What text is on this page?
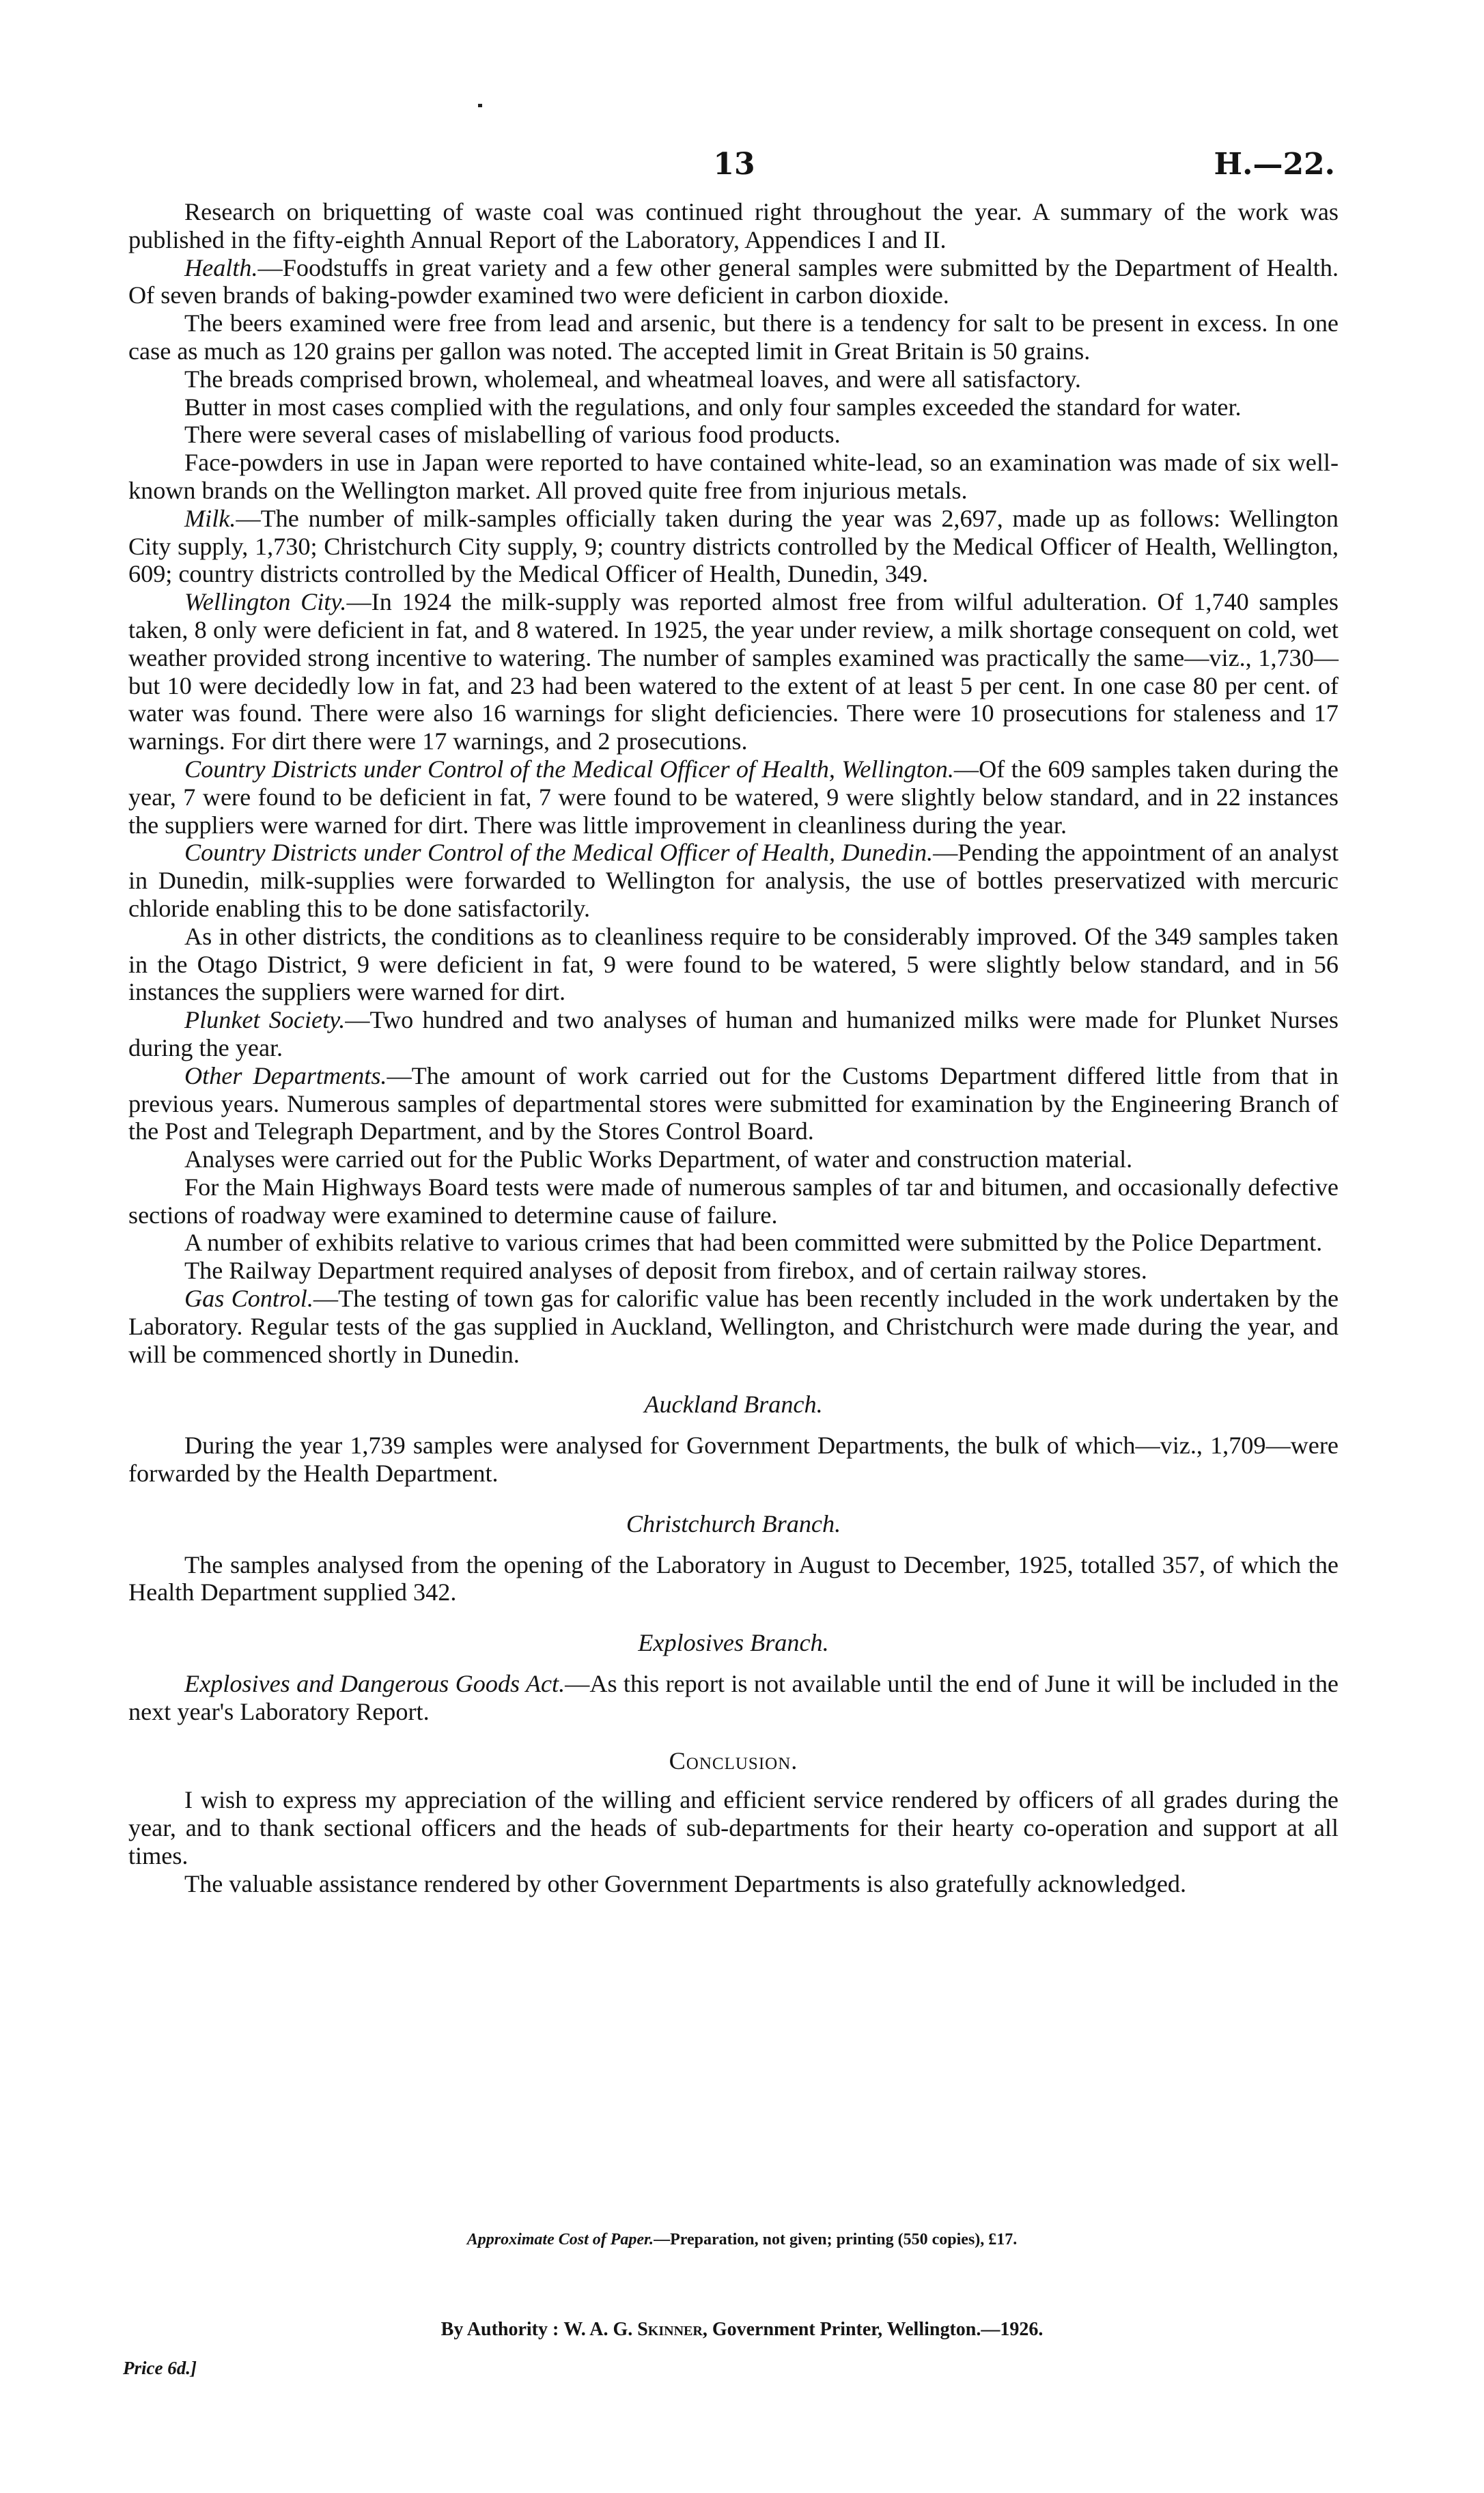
13	H.—22.

Research on briquetting of waste coal was continued right throughout the year. A summary of the work was published in the fifty-eighth Annual Report of the Laboratory, Appendices I and II.

Health.—Foodstuffs in great variety and a few other general samples were submitted by the Department of Health. Of seven brands of baking-powder examined two were deficient in carbon dioxide.

The beers examined were free from lead and arsenic, but there is a tendency for salt to be present in excess. In one case as much as 120 grains per gallon was noted. The accepted limit in Great Britain is 50 grains.

The breads comprised brown, wholemeal, and wheatmeal loaves, and were all satisfactory.

Butter in most cases complied with the regulations, and only four samples exceeded the standard for water.

There were several cases of mislabelling of various food products.

Face-powders in use in Japan were reported to have contained white-lead, so an examination was made of six well-known brands on the Wellington market. All proved quite free from injurious metals.

Milk.—The number of milk-samples officially taken during the year was 2,697, made up as follows: Wellington City supply, 1,730; Christchurch City supply, 9; country districts controlled by the Medical Officer of Health, Wellington, 609; country districts controlled by the Medical Officer of Health, Dunedin, 349.

Wellington City.—In 1924 the milk-supply was reported almost free from wilful adulteration. Of 1,740 samples taken, 8 only were deficient in fat, and 8 watered. In 1925, the year under review, a milk shortage consequent on cold, wet weather provided strong incentive to watering. The number of samples examined was practically the same—viz., 1,730—but 10 were decidedly low in fat, and 23 had been watered to the extent of at least 5 per cent. In one case 80 per cent. of water was found. There were also 16 warnings for slight deficiencies. There were 10 prosecutions for staleness and 17 warnings. For dirt there were 17 warnings, and 2 prosecutions.

Country Districts under Control of the Medical Officer of Health, Wellington.—Of the 609 samples taken during the year, 7 were found to be deficient in fat, 7 were found to be watered, 9 were slightly below standard, and in 22 instances the suppliers were warned for dirt. There was little improvement in cleanliness during the year.

Country Districts under Control of the Medical Officer of Health, Dunedin.—Pending the appointment of an analyst in Dunedin, milk-supplies were forwarded to Wellington for analysis, the use of bottles preservatized with mercuric chloride enabling this to be done satisfactorily.

As in other districts, the conditions as to cleanliness require to be considerably improved. Of the 349 samples taken in the Otago District, 9 were deficient in fat, 9 were found to be watered, 5 were slightly below standard, and in 56 instances the suppliers were warned for dirt.

Plunket Society.—Two hundred and two analyses of human and humanized milks were made for Plunket Nurses during the year.

Other Departments.—The amount of work carried out for the Customs Department differed little from that in previous years. Numerous samples of departmental stores were submitted for examination by the Engineering Branch of the Post and Telegraph Department, and by the Stores Control Board.

Analyses were carried out for the Public Works Department, of water and construction material.

For the Main Highways Board tests were made of numerous samples of tar and bitumen, and occasionally defective sections of roadway were examined to determine cause of failure.

A number of exhibits relative to various crimes that had been committed were submitted by the Police Department.

The Railway Department required analyses of deposit from firebox, and of certain railway stores.

Gas Control.—The testing of town gas for calorific value has been recently included in the work undertaken by the Laboratory. Regular tests of the gas supplied in Auckland, Wellington, and Christchurch were made during the year, and will be commenced shortly in Dunedin.

Auckland Branch.

During the year 1,739 samples were analysed for Government Departments, the bulk of which—viz., 1,709—were forwarded by the Health Department.

Christchurch Branch.

The samples analysed from the opening of the Laboratory in August to December, 1925, totalled 357, of which the Health Department supplied 342.

Explosives Branch.

Explosives and Dangerous Goods Act.—As this report is not available until the end of June it will be included in the next year's Laboratory Report.

Conclusion.

I wish to express my appreciation of the willing and efficient service rendered by officers of all grades during the year, and to thank sectional officers and the heads of sub-departments for their hearty co-operation and support at all times.

The valuable assistance rendered by other Government Departments is also gratefully acknowledged.

Approximate Cost of Paper.—Preparation, not given; printing (550 copies), £17.
By Authority : W. A. G. Skinner, Government Printer, Wellington.—1926.
Price 6d.]
